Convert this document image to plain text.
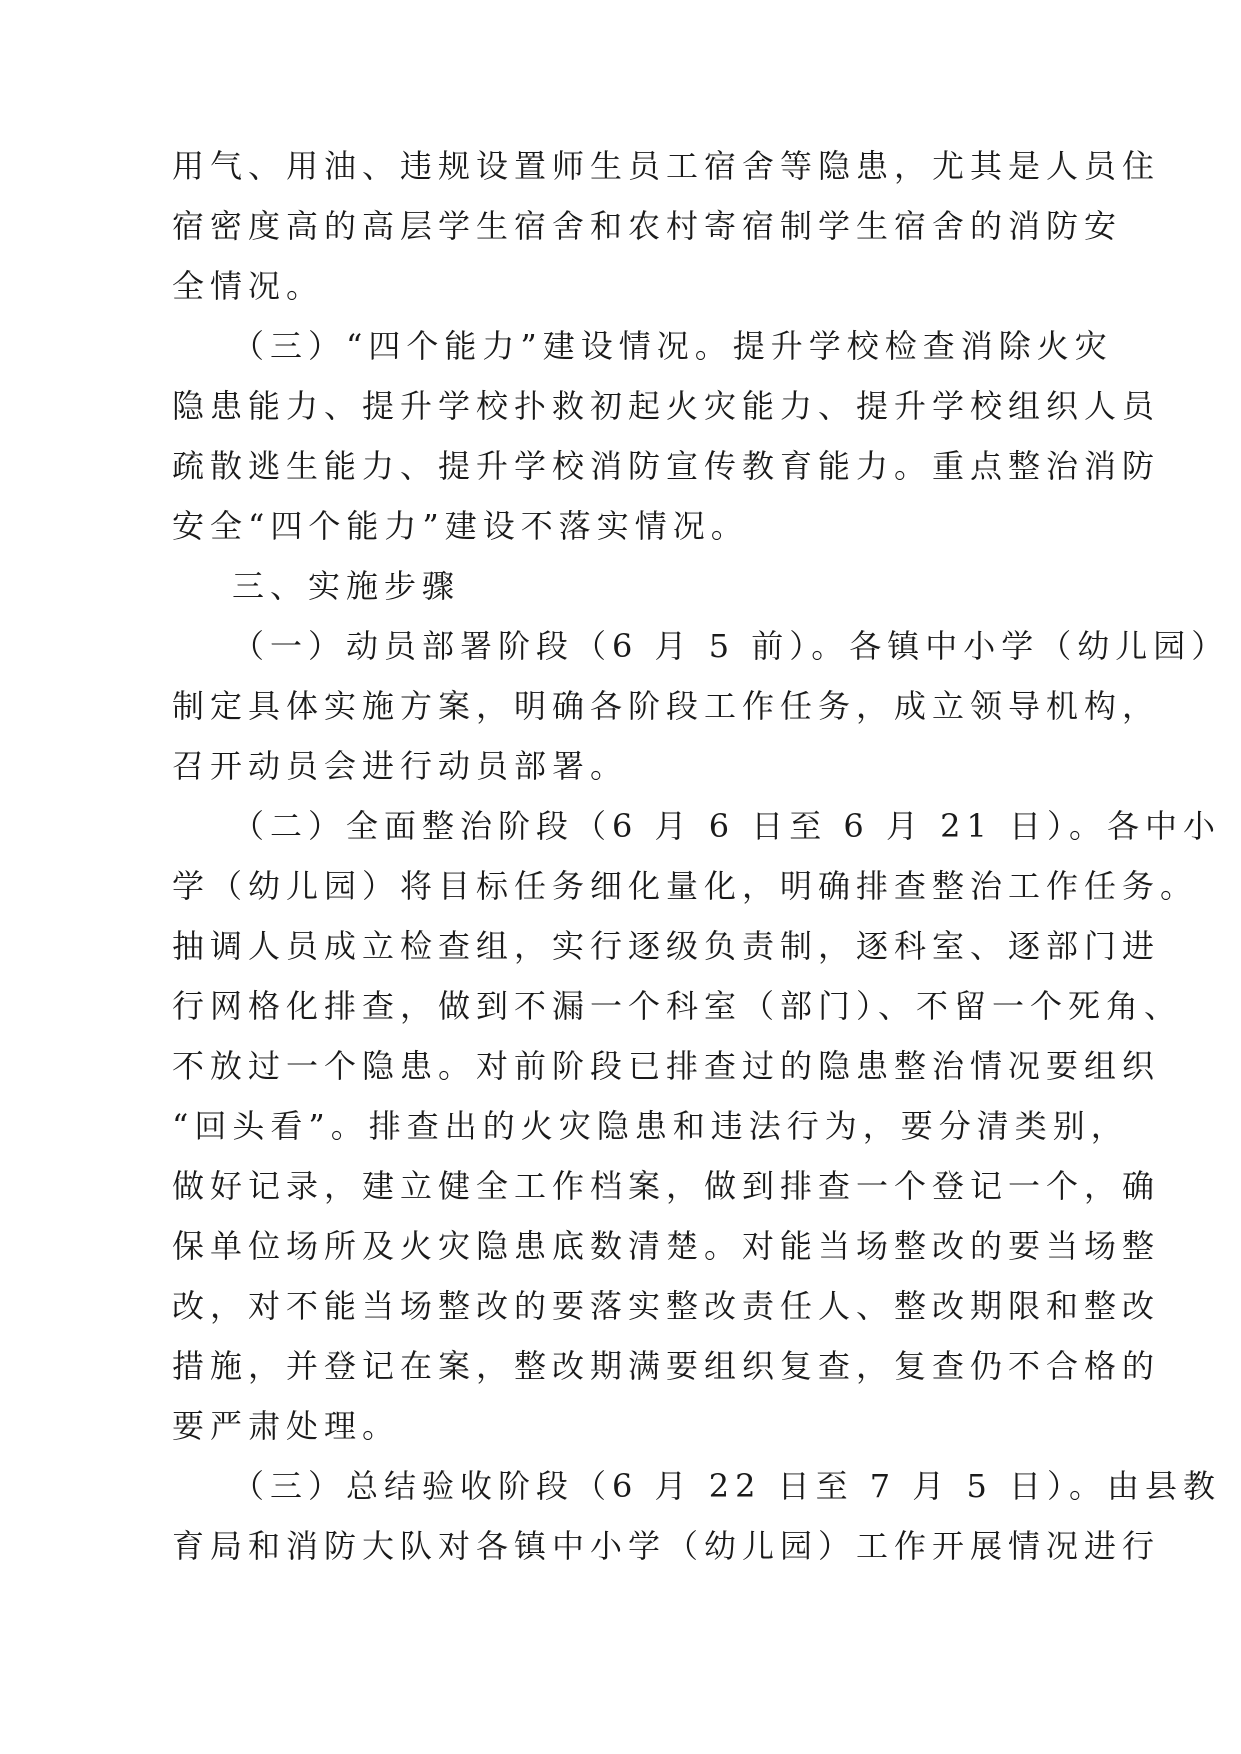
用气、用油、违规设置师生员工宿舍等隐患，尤其是人员住
宿密度高的高层学生宿舍和农村寄宿制学生宿舍的消防安
全情况。
（三）“四个能力”建设情况。提升学校检查消除火灾
隐患能力、提升学校扑救初起火灾能力、提升学校组织人员
疏散逃生能力、提升学校消防宣传教育能力。重点整治消防
安全“四个能力”建设不落实情况。
三、实施步骤
（一）动员部署阶段（6 月 5 前）。各镇中小学（幼儿园）
制定具体实施方案，明确各阶段工作任务，成立领导机构，
召开动员会进行动员部署。
（二）全面整治阶段（6 月 6 日至 6 月 21 日）。各中小
学（幼儿园）将目标任务细化量化，明确排查整治工作任务。
抽调人员成立检查组，实行逐级负责制，逐科室、逐部门进
行网格化排查，做到不漏一个科室（部门）、不留一个死角、
不放过一个隐患。对前阶段已排查过的隐患整治情况要组织
“回头看”。排查出的火灾隐患和违法行为，要分清类别，
做好记录，建立健全工作档案，做到排查一个登记一个，确
保单位场所及火灾隐患底数清楚。对能当场整改的要当场整
改，对不能当场整改的要落实整改责任人、整改期限和整改
措施，并登记在案，整改期满要组织复查，复查仍不合格的
要严肃处理。
（三）总结验收阶段（6 月 22 日至 7 月 5 日）。由县教
育局和消防大队对各镇中小学（幼儿园）工作开展情况进行
